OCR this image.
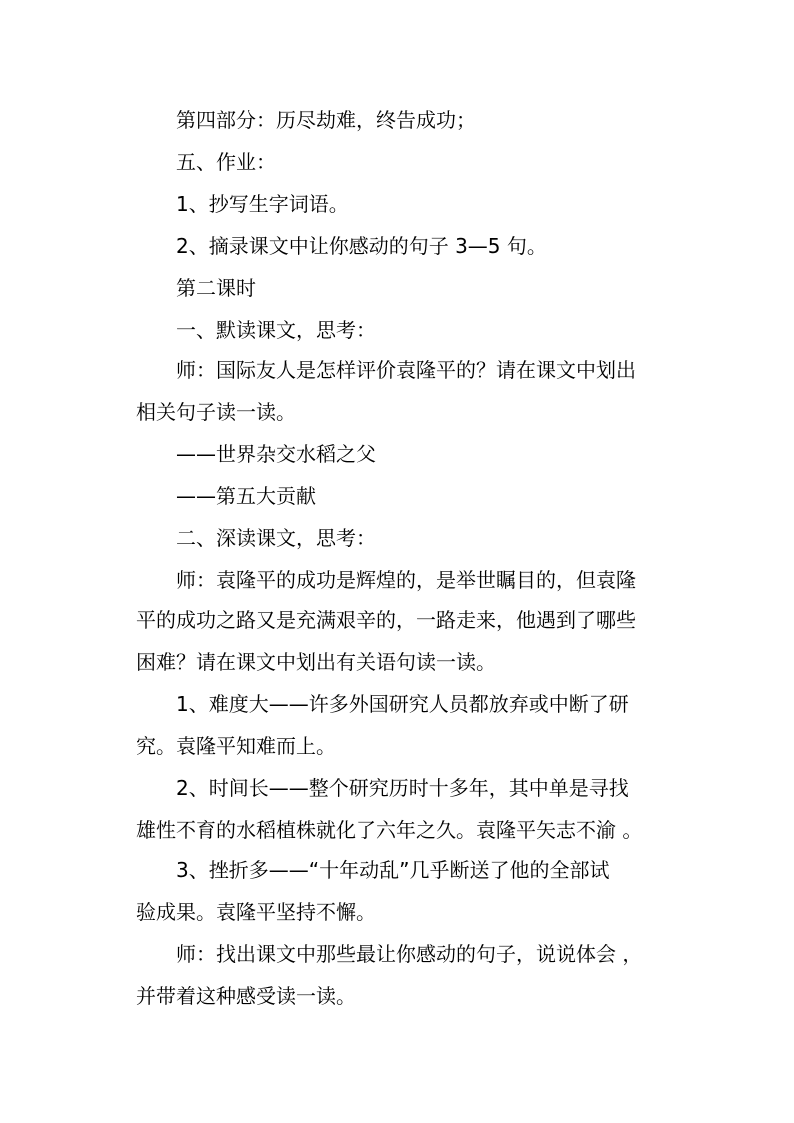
第四部分：历尽劫难，终告成功；
五、作业：
1、抄写生字词语。
2、摘录课文中让你感动的句子 3—5 句。
第二课时
一、默读课文，思考：
师：国际友人是怎样评价袁隆平的？请在课文中划出
相关句子读一读。
——世界杂交水稻之父
——第五大贡献
二、深读课文，思考：
师：袁隆平的成功是辉煌的，是举世瞩目的，但袁隆
平的成功之路又是充满艰辛的，一路走来，他遇到了哪些
困难？请在课文中划出有关语句读一读。
1、难度大——许多外国研究人员都放弃或中断了研
究。袁隆平知难而上。
2、时间长——整个研究历时十多年，其中单是寻找
雄性不育的水稻植株就化了六年之久。袁隆平矢志不渝 。
3、挫折多——“十年动乱”几乎断送了他的全部试
验成果。袁隆平坚持不懈。
师：找出课文中那些最让你感动的句子，说说体会 ，
并带着这种感受读一读。
